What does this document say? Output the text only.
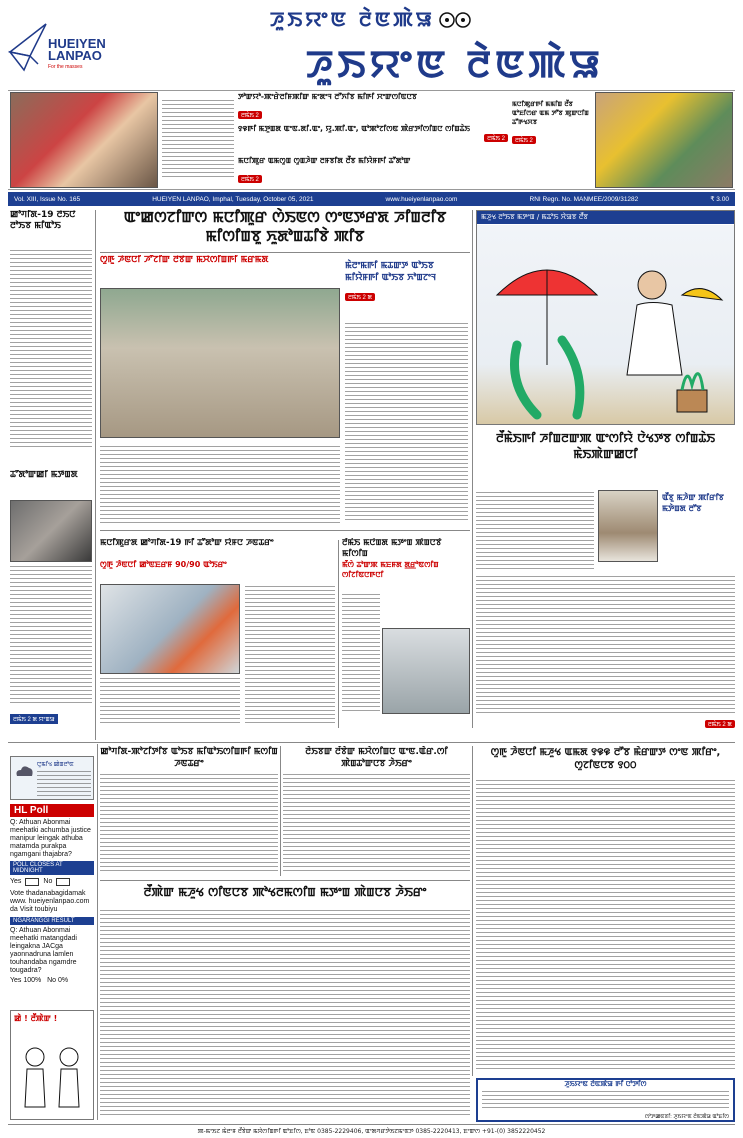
HUEIYEN LANPAO
For the masses
ꯍꯨꯏꯌꯦꯟ ꯂꯥꯟꯄꯥꯎ
ꯍꯨꯏꯌꯦꯟ ꯂꯥꯟꯄꯥꯎ
ꯇꯣꯛꯌꯣ-ꯄꯦꯔꯥꯂꯤꯝꯄꯤꯛ ꯃꯦꯗꯦꯜ ꯂꯧꯈꯤꯕ ꯃꯤꯒꯤ ꯆꯦꯛꯁꯤꯟꯅꯕ
ꯂꯃꯥꯏ 2
꯱꯶ꯒꯤ ꯃꯇꯨꯡꯗ ꯑꯦꯟ.ꯗꯤ.ꯑꯦ, ꯌꯨ.ꯄꯤ.ꯑꯦ, ꯑꯣꯄꯣꯖꯤꯁꯟ ꯄꯥꯔꯇꯤꯁꯤꯡꯅ ꯁꯤꯡꯊꯥꯏ
ꯂꯃꯥꯏ 2
ꯃꯅꯤꯄꯨꯔ ꯑꯃꯁꯨꯡ ꯁꯨꯡꯍꯥꯛ ꯂꯝꯕꯤꯗ ꯂꯩꯕ ꯃꯤꯌꯥꯝꯒꯤ ꯊꯧꯗꯣꯛ
ꯂꯃꯥꯏ 2
ꯃꯅꯤꯄꯨꯔꯒꯤ ꯃꯃꯤꯡ ꯂꯩꯕ ꯑꯣꯐꯤꯁꯔ ꯑꯃ ꯇꯧꯕ ꯄꯨꯛꯅꯤꯡ ꯊꯧꯒꯠꯆꯕ
ꯂꯃꯥꯏ 2
Vol. XIII, Issue No. 165	HUEIYEN LANPAO, Imphal, Tuesday, October 05, 2021	www.hueiyenlanpao.com	RNI Regn. No. MANMEE/2009/31282	₹ 3.00
ꯀꯣꯚꯤꯗ-19 ꯂꯥꯏꯅꯥ ꯂꯣꯏꯕ ꯃꯤꯑꯣꯏ
ꯊꯧꯗꯣꯛꯀꯤ ꯃꯇꯥꯡꯗ
ꯂꯃꯥꯏ 2 ꯗ ꯌꯦꯡꯎ
ꯑꯦꯀꯁꯖꯤꯛꯁ ꯃꯅꯤꯄꯨꯔ ꯁꯥꯏꯟꯁ ꯁꯦꯟꯇꯔꯗ ꯍꯤꯡꯂꯤꯕ ꯃꯤꯁꯤꯡꯕꯨ ꯈꯨꯗꯣꯡꯊꯤꯕꯥ ꯄꯤꯕ
ꯁꯨꯒꯨ ꯍꯥꯟꯅꯤ ꯍꯧꯖꯤꯛ ꯂꯩꯕꯥꯛ ꯃꯆꯥꯁꯤꯡꯒꯤ ꯃꯔꯃꯗ
ꯃꯥꯂꯦꯃꯒꯤ ꯃꯊꯛꯇ ꯑꯣꯏꯕ ꯃꯤꯌꯥꯝꯒꯤ ꯑꯣꯏꯕ ꯈꯣꯡꯖꯦꯜ
ꯂꯃꯥꯏ 2 ꯗ
ꯃꯍꯨꯠ ꯂꯣꯏꯕ ꯃꯇꯦꯡ / ꯃꯊꯣꯏ ꯆꯥꯎꯕ ꯂꯩꯕ
ꯂꯩꯃꯥꯏꯒꯤ ꯍꯤꯡꯂꯛꯄ ꯑꯦꯁꯤꯌꯥ ꯅꯥꯠꯇꯕ ꯁꯤꯡꯊꯥꯏ ꯃꯥꯏꯄꯥꯛꯀꯅꯤ
ꯑꯩꯕꯨ ꯃꯍꯥꯛ ꯄꯤꯔꯤꯕ ꯃꯇꯥꯡꯗ ꯂꯧꯕ
ꯂꯃꯥꯏ 2 ꯗ
ꯃꯅꯤꯄꯨꯔꯗ ꯀꯣꯚꯤꯗ-19 ꯒꯤ ꯊꯧꯗꯣꯛ ꯌꯥꯝꯅ ꯍꯟꯊꯔꯦ
ꯁꯨꯒꯨ ꯍꯥꯟꯅꯤ ꯀꯣꯟꯐꯔꯝ 90/90 ꯑꯣꯏꯔꯦ
ꯂꯩꯃꯥꯏ ꯃꯅꯥꯡꯗ ꯃꯇꯦꯡ ꯄꯥꯡꯅꯕꯥ ꯃꯤꯁꯤꯡ
ꯃꯩꯁꯥ ꯊꯣꯛꯄ ꯃꯐꯝꯗ ꯗ꯭ꯔꯣꯟꯁꯤꯡ ꯁꯤꯖꯤꯟꯅꯒꯅꯤ
ꯅꯨꯃꯤꯠ ꯀꯥꯡꯂꯣꯟ
HL Poll
Q: Athuan Abonmai meehatki achumba justice manipur leingak athuba matamda purakpa ngamgani thajabra?
POLL CLOSES AT MIDNIGHT
Yes	No
Vote thadanabagidamak www. hueiyenlanpao.com da Visit toubiyu
NGARANGGI RESULT
Q: Athuan Abonmai meehatki matangdadi leingakna JACga yaonnadruna lamlen touhandaba ngamdre tougadra?
Yes 100% No 0%
ꯀꯥ ! ꯂꯩꯄꯥꯛ !
ꯀꯣꯚꯤꯗ-ꯄꯣꯖꯤꯇꯤꯕ ꯑꯣꯏꯕ ꯃꯤꯑꯣꯏꯁꯤꯡꯒꯤ ꯃꯁꯤꯡ ꯍꯟꯊꯔꯦ
ꯂꯥꯏꯕꯛ ꯂꯩꯕꯥꯛ ꯃꯆꯥꯁꯤꯡꯅ ꯑꯦꯟ.ꯑꯥꯔ.ꯁꯤ ꯄꯥꯡꯊꯣꯛꯅꯕ ꯍꯥꯏꯔꯦ
ꯁꯨꯒꯨ ꯍꯥꯟꯅꯤ ꯃꯍꯨꯠ ꯑꯃꯗ ꯱꯶꯶ ꯂꯧꯕ ꯃꯥꯔꯛꯇ ꯁꯦꯟ ꯄꯤꯔꯦ, ꯁꯨꯖꯤꯟꯅꯕ ꯱꯰꯰
ꯂꯩꯄꯥꯛ ꯃꯍꯨꯠ ꯁꯤꯟꯅꯕ ꯄꯣꯠꯂꯃꯁꯤꯡ ꯃꯇꯦꯡ ꯄꯥꯡꯅꯕ ꯍꯥꯏꯔꯦ
ꯍꯨꯏꯌꯦꯟ ꯂꯥꯟꯄꯥꯎ ꯒꯤ ꯅꯣꯇꯤꯁ
ꯁꯣꯇꯀꯟꯕꯤ: ꯍꯨꯏꯌꯦꯟ ꯂꯥꯟꯄꯥꯎ ꯑꯣꯐꯤꯁ
ꯄ-ꯃꯦꯏꯖ ꯃꯥꯂꯦꯝ ꯂꯩꯕꯥꯛ ꯃꯆꯥꯁꯤꯡꯒꯤ ꯑꯣꯐꯤꯁ, ꯐꯣꯟ 0385-2229406, ꯑꯦꯗꯚꯔꯇꯥꯏꯖꯃꯦꯟꯇ 0385-2220413, ꯐꯦꯛꯁ +91-(0) 3852220452
